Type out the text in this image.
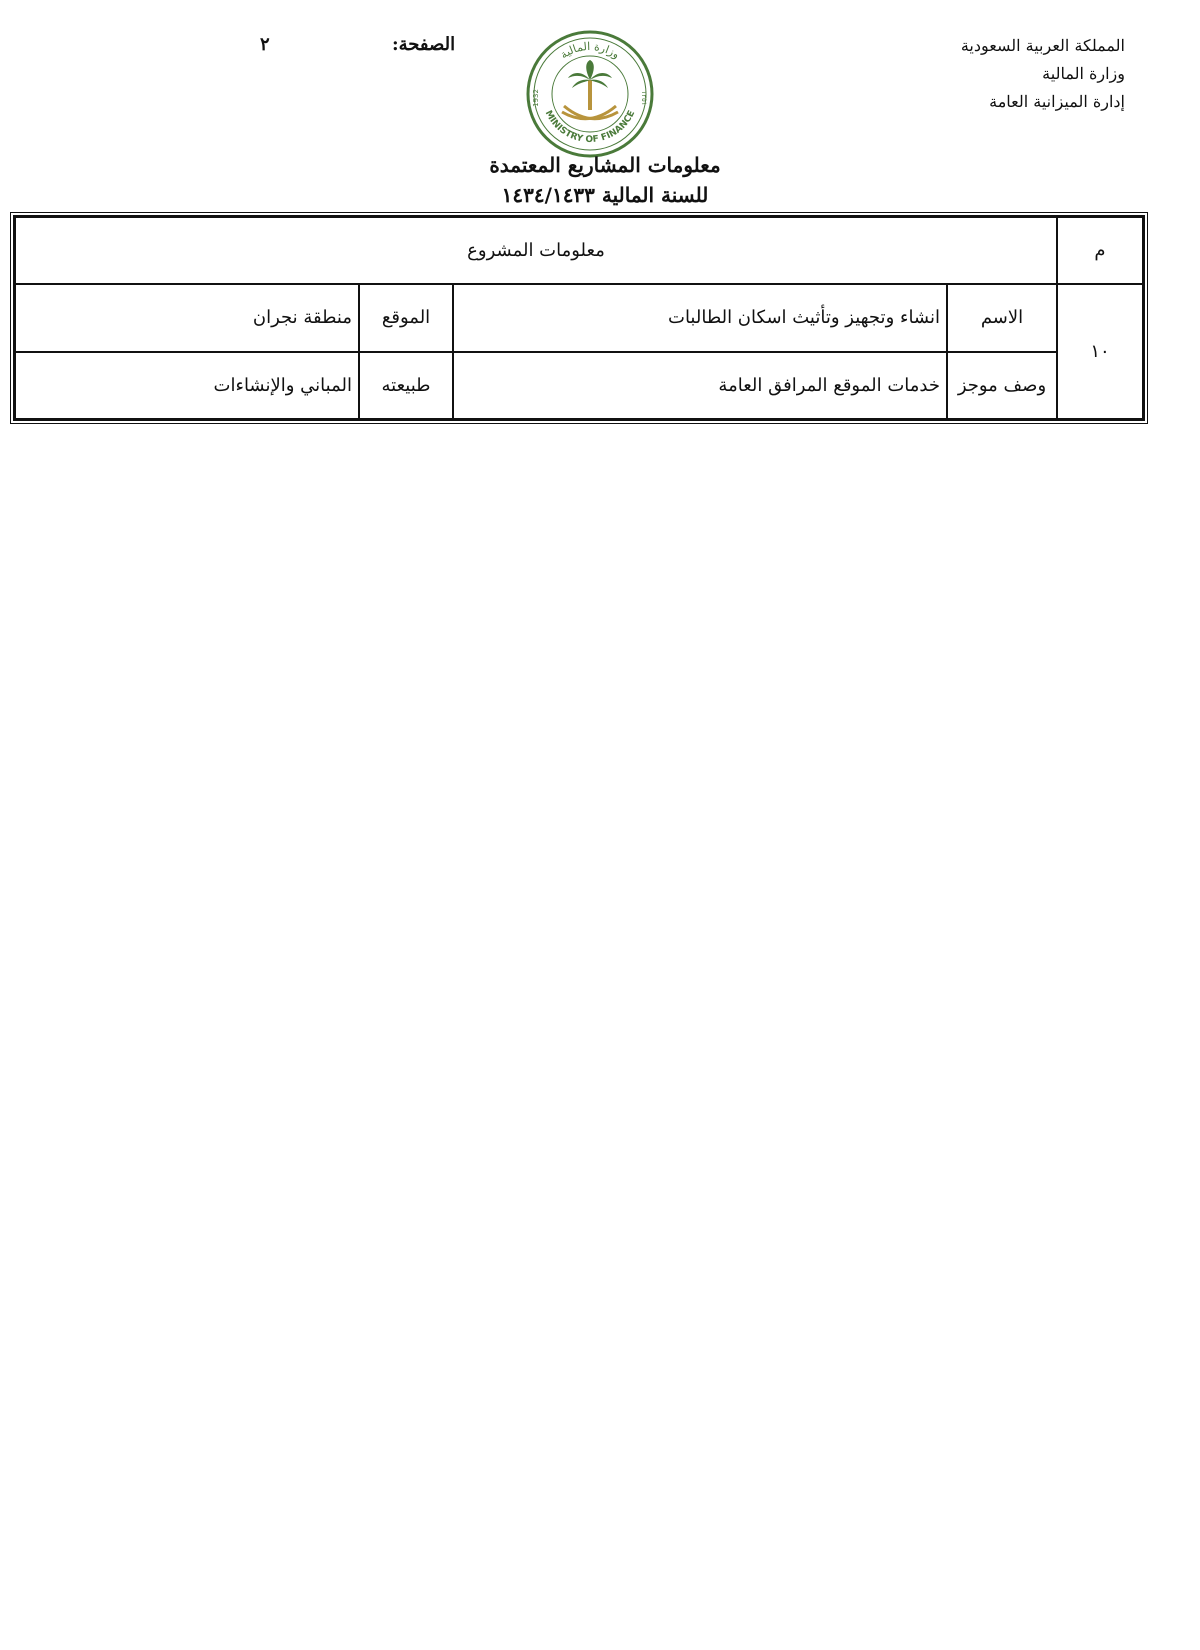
المملكة العربية السعودية
وزارة المالية
إدارة الميزانية العامة
الصفحة:
٢	وزارة المالية
MINISTRY OF FINANCE
1932	١٣٥١
معلومات المشاريع المعتمدة
للسنة المالية ١٤٣٤/١٤٣٣
م	معلومات المشروع			
١٠	الاسم	انشاء وتجهيز وتأثيث اسكان الطالبات	الموقع	منطقة نجران
	وصف موجز	خدمات الموقع المرافق العامة	طبيعته	المباني والإنشاءات
